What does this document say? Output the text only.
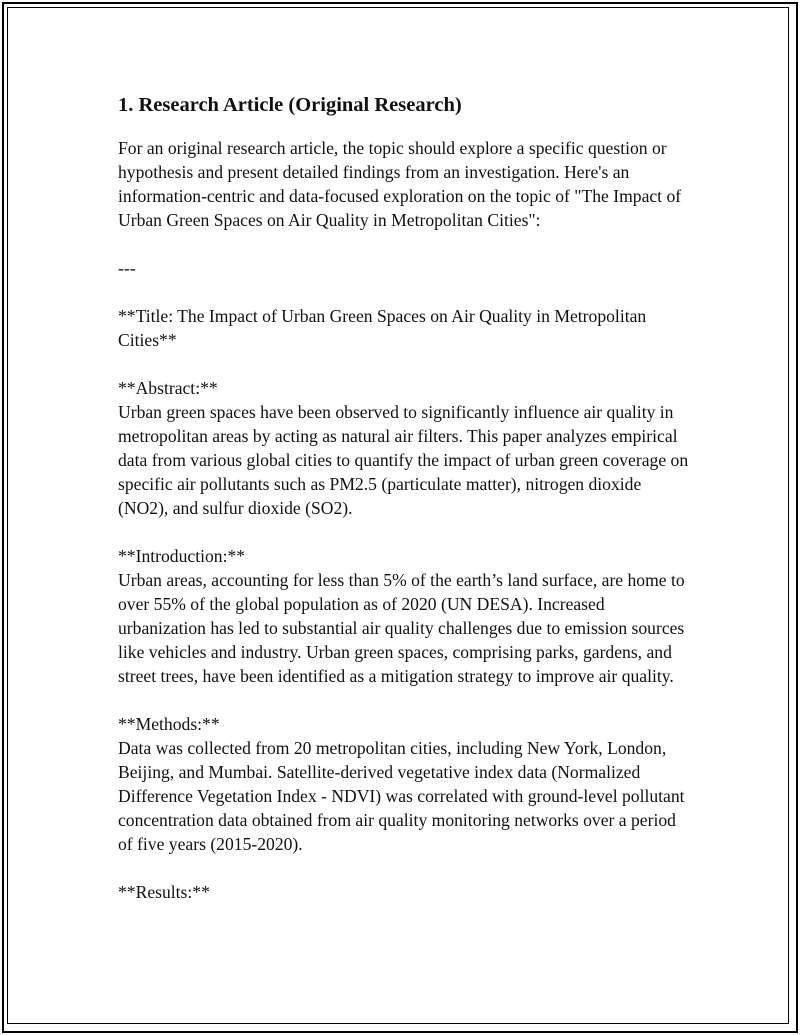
1. Research Article (Original Research)

For an original research article, the topic should explore a specific question or hypothesis and present detailed findings from an investigation. Here's an information-centric and data-focused exploration on the topic of "The Impact of Urban Green Spaces on Air Quality in Metropolitan Cities":

---

**Title: The Impact of Urban Green Spaces on Air Quality in Metropolitan Cities**

**Abstract:**
Urban green spaces have been observed to significantly influence air quality in metropolitan areas by acting as natural air filters. This paper analyzes empirical data from various global cities to quantify the impact of urban green coverage on specific air pollutants such as PM2.5 (particulate matter), nitrogen dioxide (NO2), and sulfur dioxide (SO2).

**Introduction:**
Urban areas, accounting for less than 5% of the earth’s land surface, are home to over 55% of the global population as of 2020 (UN DESA). Increased urbanization has led to substantial air quality challenges due to emission sources like vehicles and industry. Urban green spaces, comprising parks, gardens, and street trees, have been identified as a mitigation strategy to improve air quality.

**Methods:**
Data was collected from 20 metropolitan cities, including New York, London, Beijing, and Mumbai. Satellite-derived vegetative index data (Normalized Difference Vegetation Index - NDVI) was correlated with ground-level pollutant concentration data obtained from air quality monitoring networks over a period of five years (2015-2020).

**Results:**
